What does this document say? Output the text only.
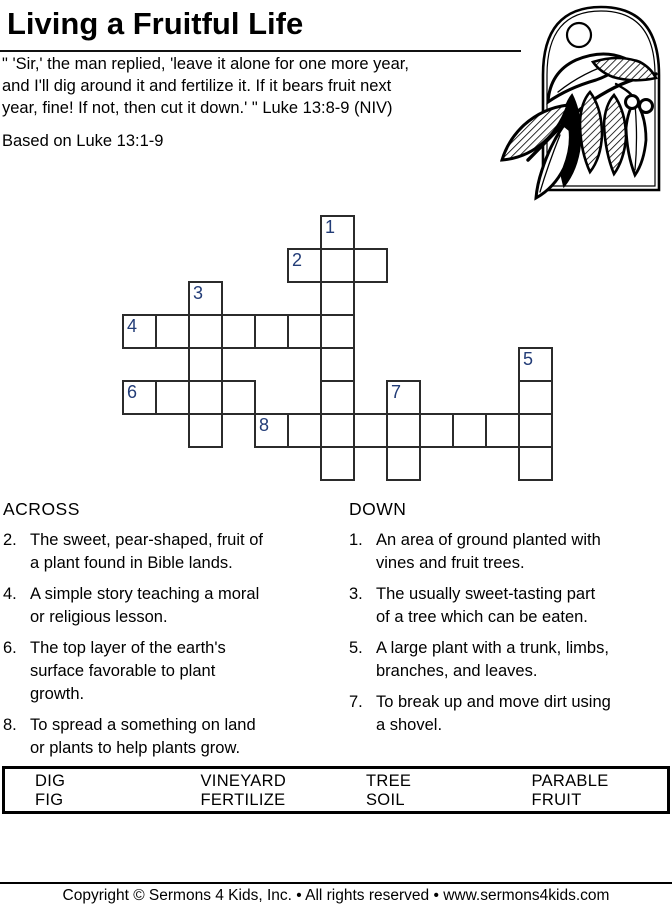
Living a Fruitful Life
" 'Sir,' the man replied, 'leave it alone for one more year,
and I'll dig around it and fertilize it. If it bears fruit next
year, fine! If not, then cut it down.' " Luke 13:8-9 (NIV)
Based on Luke 13:1-9
1
2
3
4
5
6	7
8
ACROSS
2. The sweet, pear-shaped, fruit of
a plant found in Bible lands.
4. A simple story teaching a moral
or religious lesson.
6. The top layer of the earth's
surface favorable to plant
growth.
8. To spread a something on land
or plants to help plants grow.
DOWN
1. An area of ground planted with
vines and fruit trees.
3. The usually sweet-tasting part
of a tree which can be eaten.
5. A large plant with a trunk, limbs,
branches, and leaves.
7. To break up and move dirt using
a shovel.
DIG	VINEYARD	TREE	PARABLE
FIG	FERTILIZE	SOIL	FRUIT
Copyright © Sermons 4 Kids, Inc. • All rights reserved • www.sermons4kids.com
